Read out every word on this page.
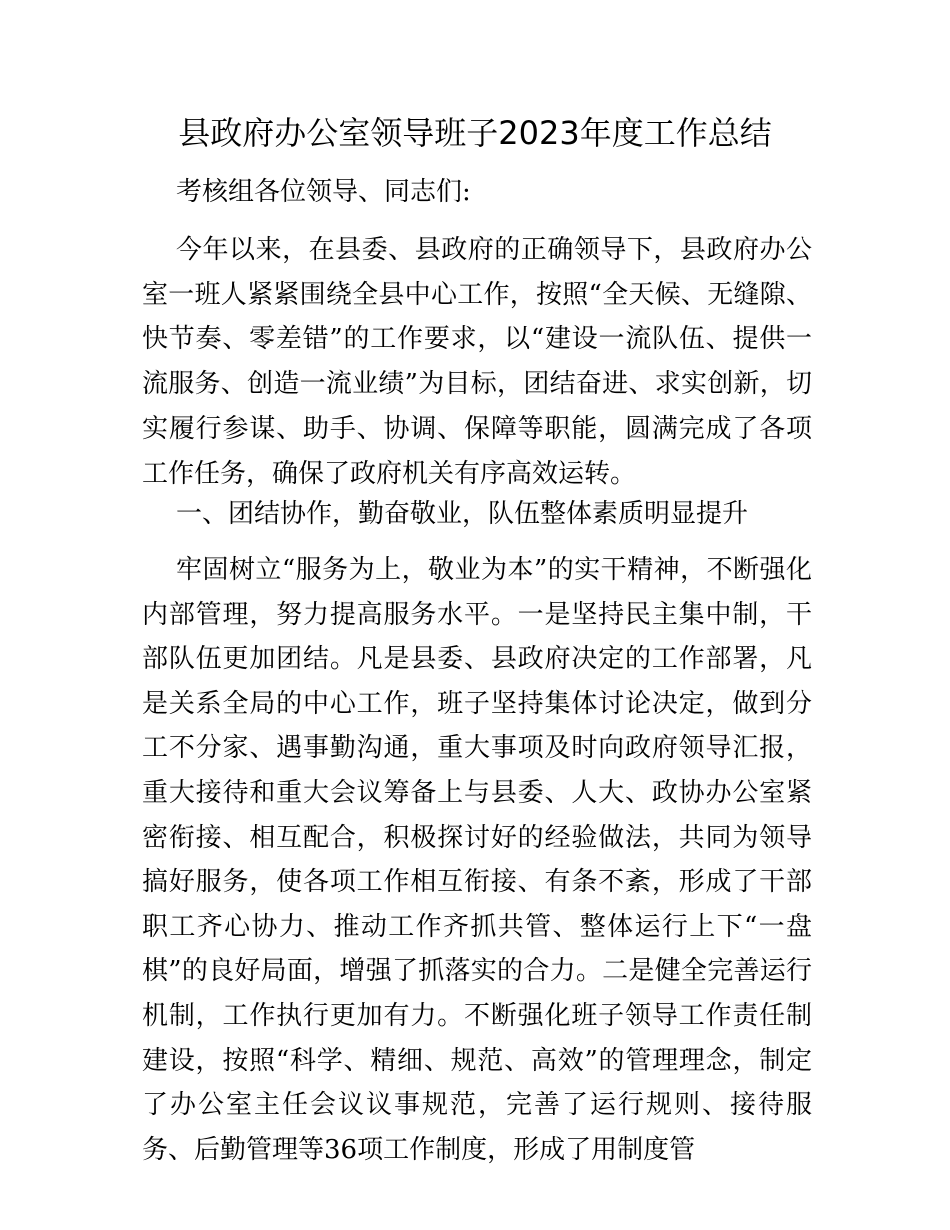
县政府办公室领导班子2023年度工作总结

考核组各位领导、同志们:

今年以来，在县委、县政府的正确领导下，县政府办公室一班人紧紧围绕全县中心工作，按照“全天候、无缝隙、快节奏、零差错”的工作要求，以“建设一流队伍、提供一流服务、创造一流业绩”为目标，团结奋进、求实创新，切实履行参谋、助手、协调、保障等职能，圆满完成了各项工作任务，确保了政府机关有序高效运转。

一、团结协作，勤奋敬业，队伍整体素质明显提升

牢固树立“服务为上，敬业为本”的实干精神，不断强化内部管理，努力提高服务水平。一是坚持民主集中制，干部队伍更加团结。凡是县委、县政府决定的工作部署，凡是关系全局的中心工作，班子坚持集体讨论决定，做到分工不分家、遇事勤沟通，重大事项及时向政府领导汇报，重大接待和重大会议筹备上与县委、人大、政协办公室紧密衔接、相互配合，积极探讨好的经验做法，共同为领导搞好服务，使各项工作相互衔接、有条不紊，形成了干部职工齐心协力、推动工作齐抓共管、整体运行上下“一盘棋”的良好局面，增强了抓落实的合力。二是健全完善运行机制，工作执行更加有力。不断强化班子领导工作责任制建设，按照“科学、精细、规范、高效”的管理理念，制定了办公室主任会议议事规范，完善了运行规则、接待服务、后勤管理等36项工作制度，形成了用制度管
